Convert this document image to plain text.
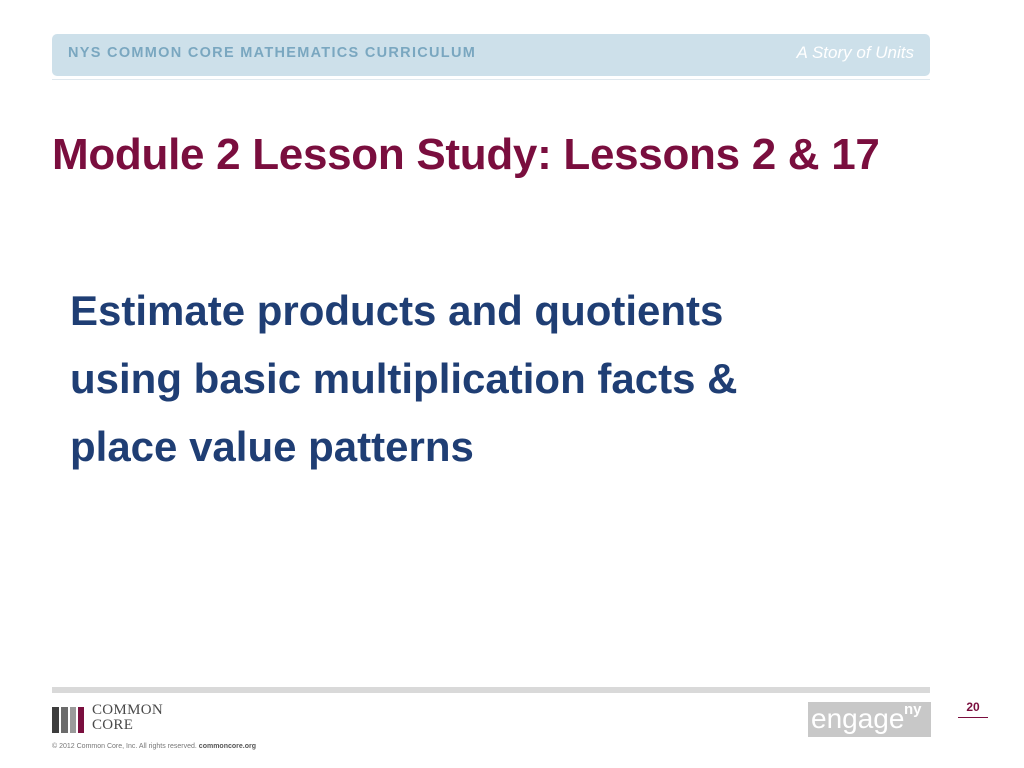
NYS COMMON CORE MATHEMATICS CURRICULUM	A Story of Units
Module 2 Lesson Study: Lessons 2 & 17

Estimate products and quotients
using basic multiplication facts &
place value patterns

COMMON
CORE
© 2012 Common Core, Inc. All rights reserved. commoncore.org
engage ny	20
